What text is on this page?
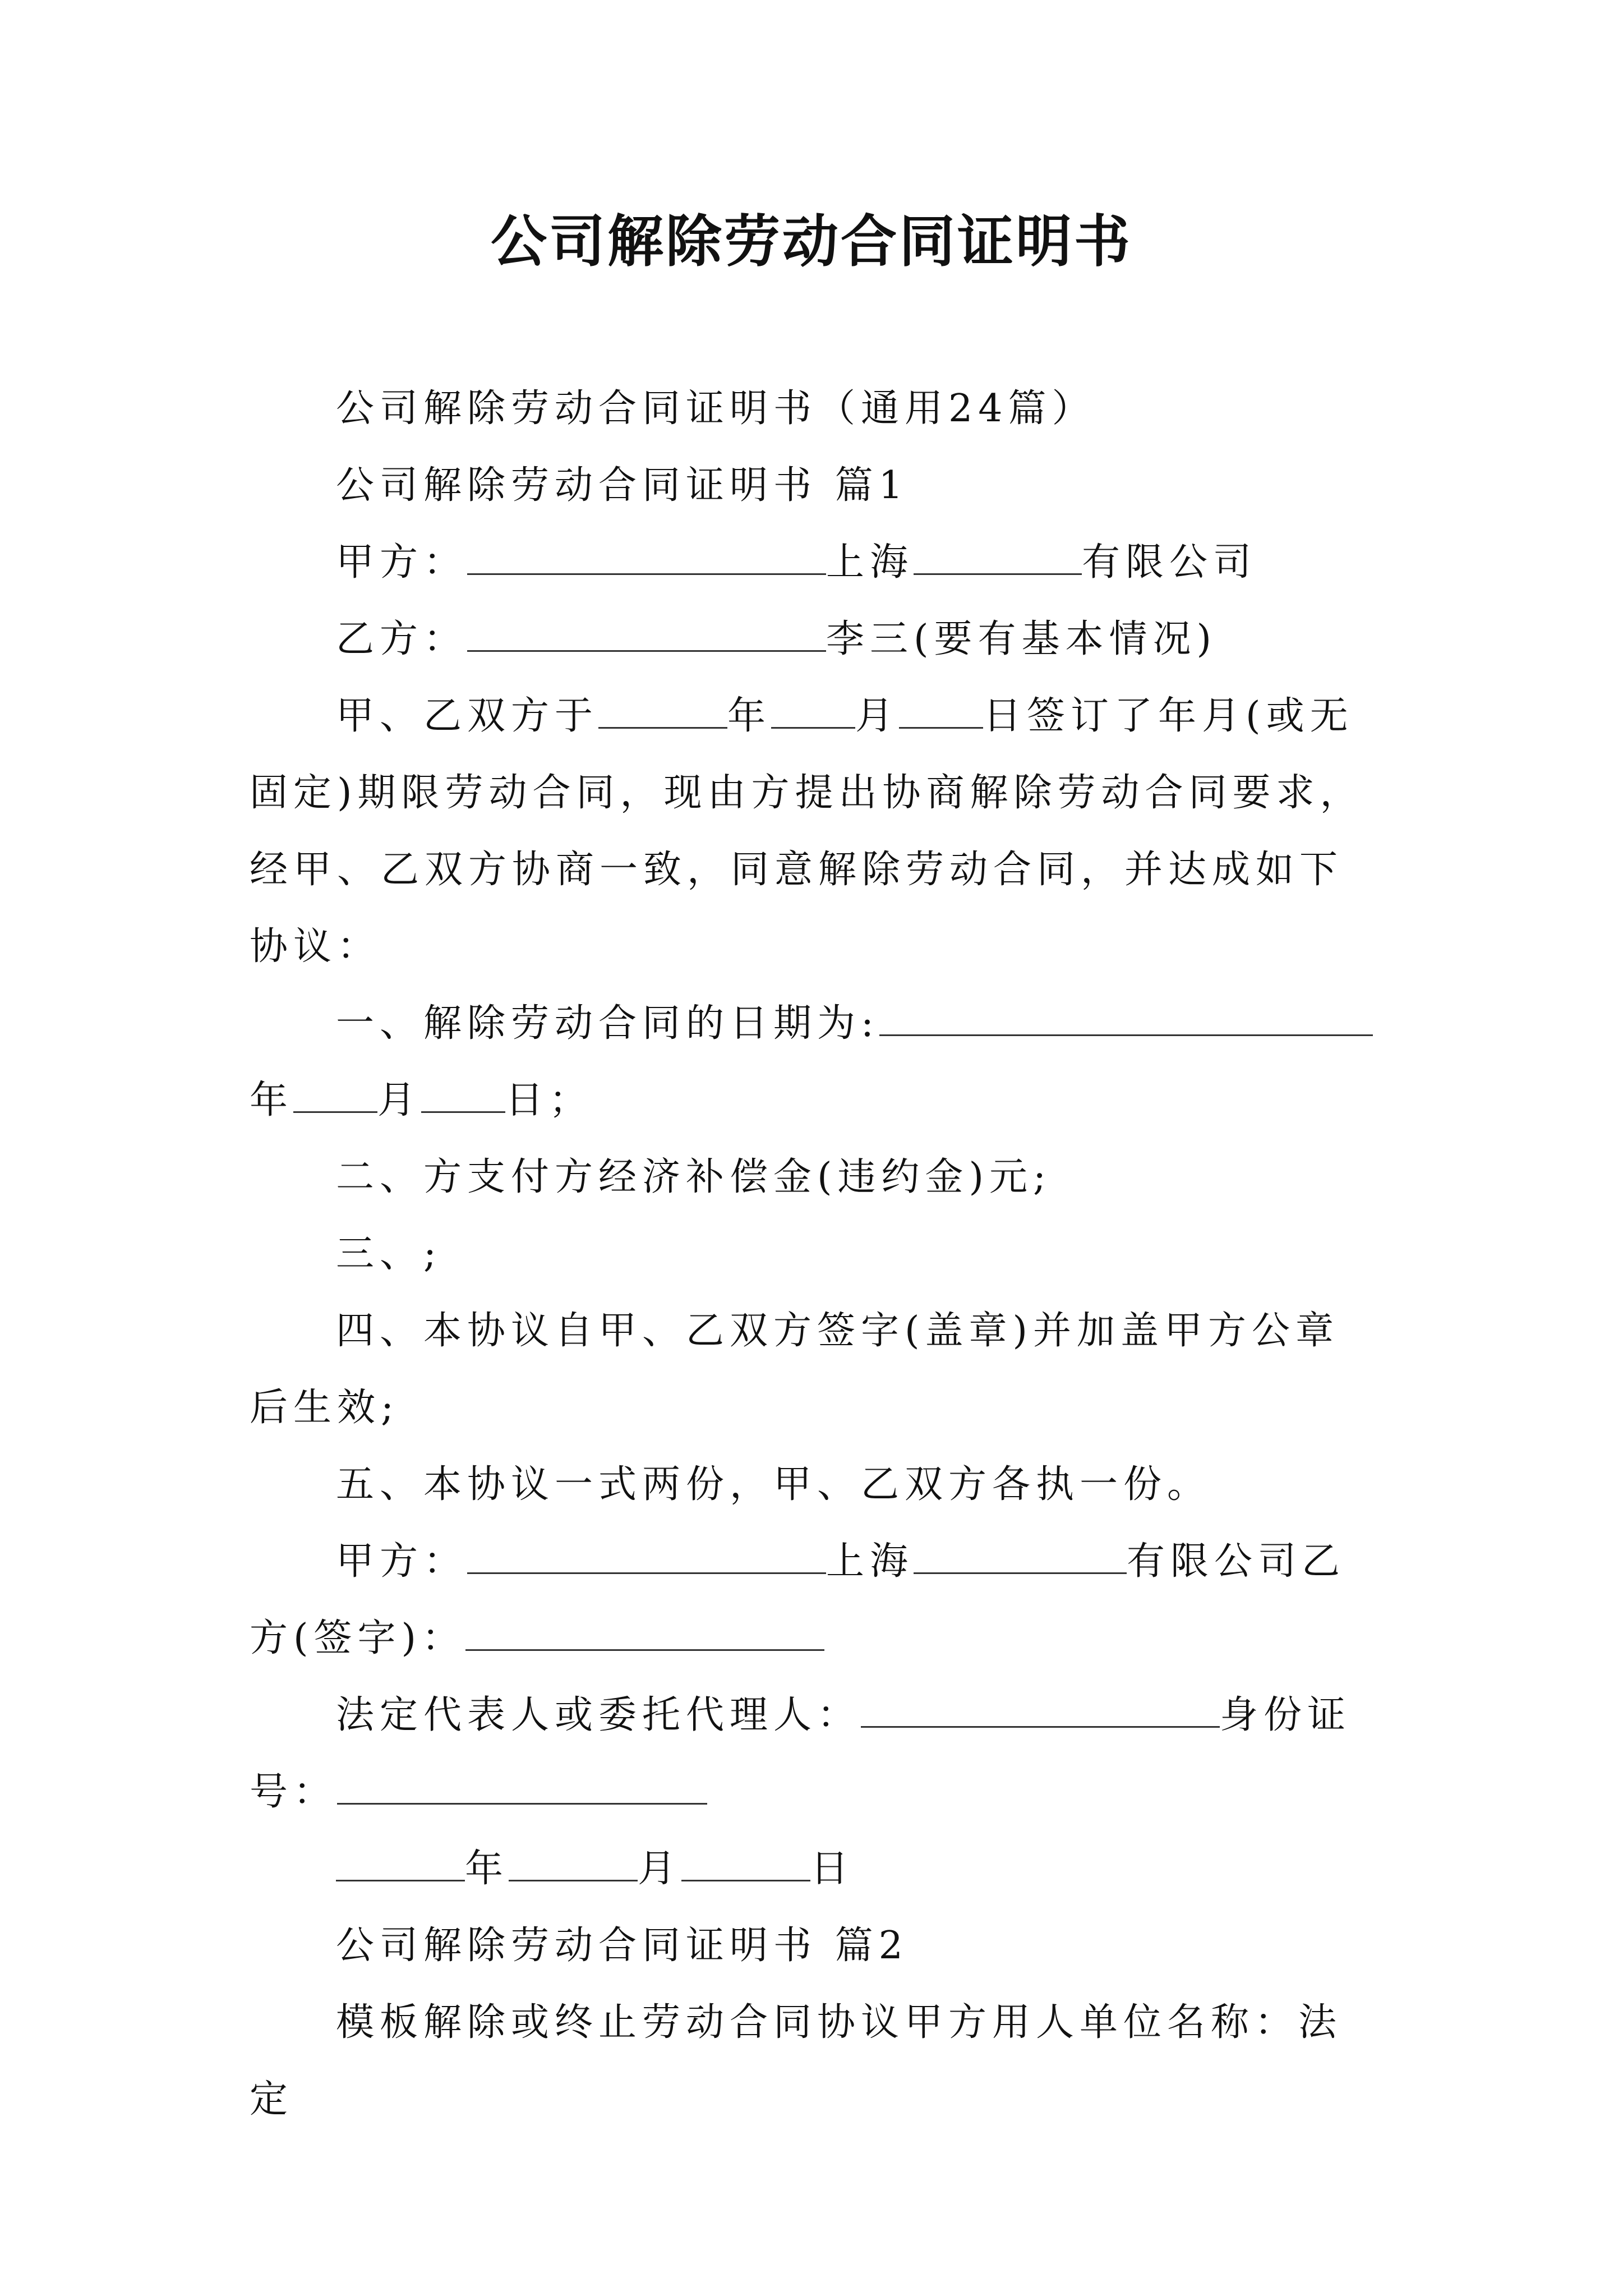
公司解除劳动合同证明书

公司解除劳动合同证明书（通用24篇）

公司解除劳动合同证明书 篇1

甲方：	上海	有限公司

乙方：	李三(要有基本情况)

甲、乙双方于	年 月 日签订了年月(或无固定)期限劳动合同，现由方提出协商解除劳动合同要求，经甲、乙双方协商一致，同意解除劳动合同，并达成如下协议：

一、解除劳动合同的日期为:年 月 日；

二、方支付方经济补偿金(违约金)元;

三、;

四、本协议自甲、乙双方签字(盖章)并加盖甲方公章后生效;

五、本协议一式两份，甲、乙双方各执一份。

甲方：	上海	有限公司乙方(签字)：

法定代表人或委托代理人：	身份证号：

年	月	日

公司解除劳动合同证明书 篇2

模板解除或终止劳动合同协议甲方用人单位名称：法定
